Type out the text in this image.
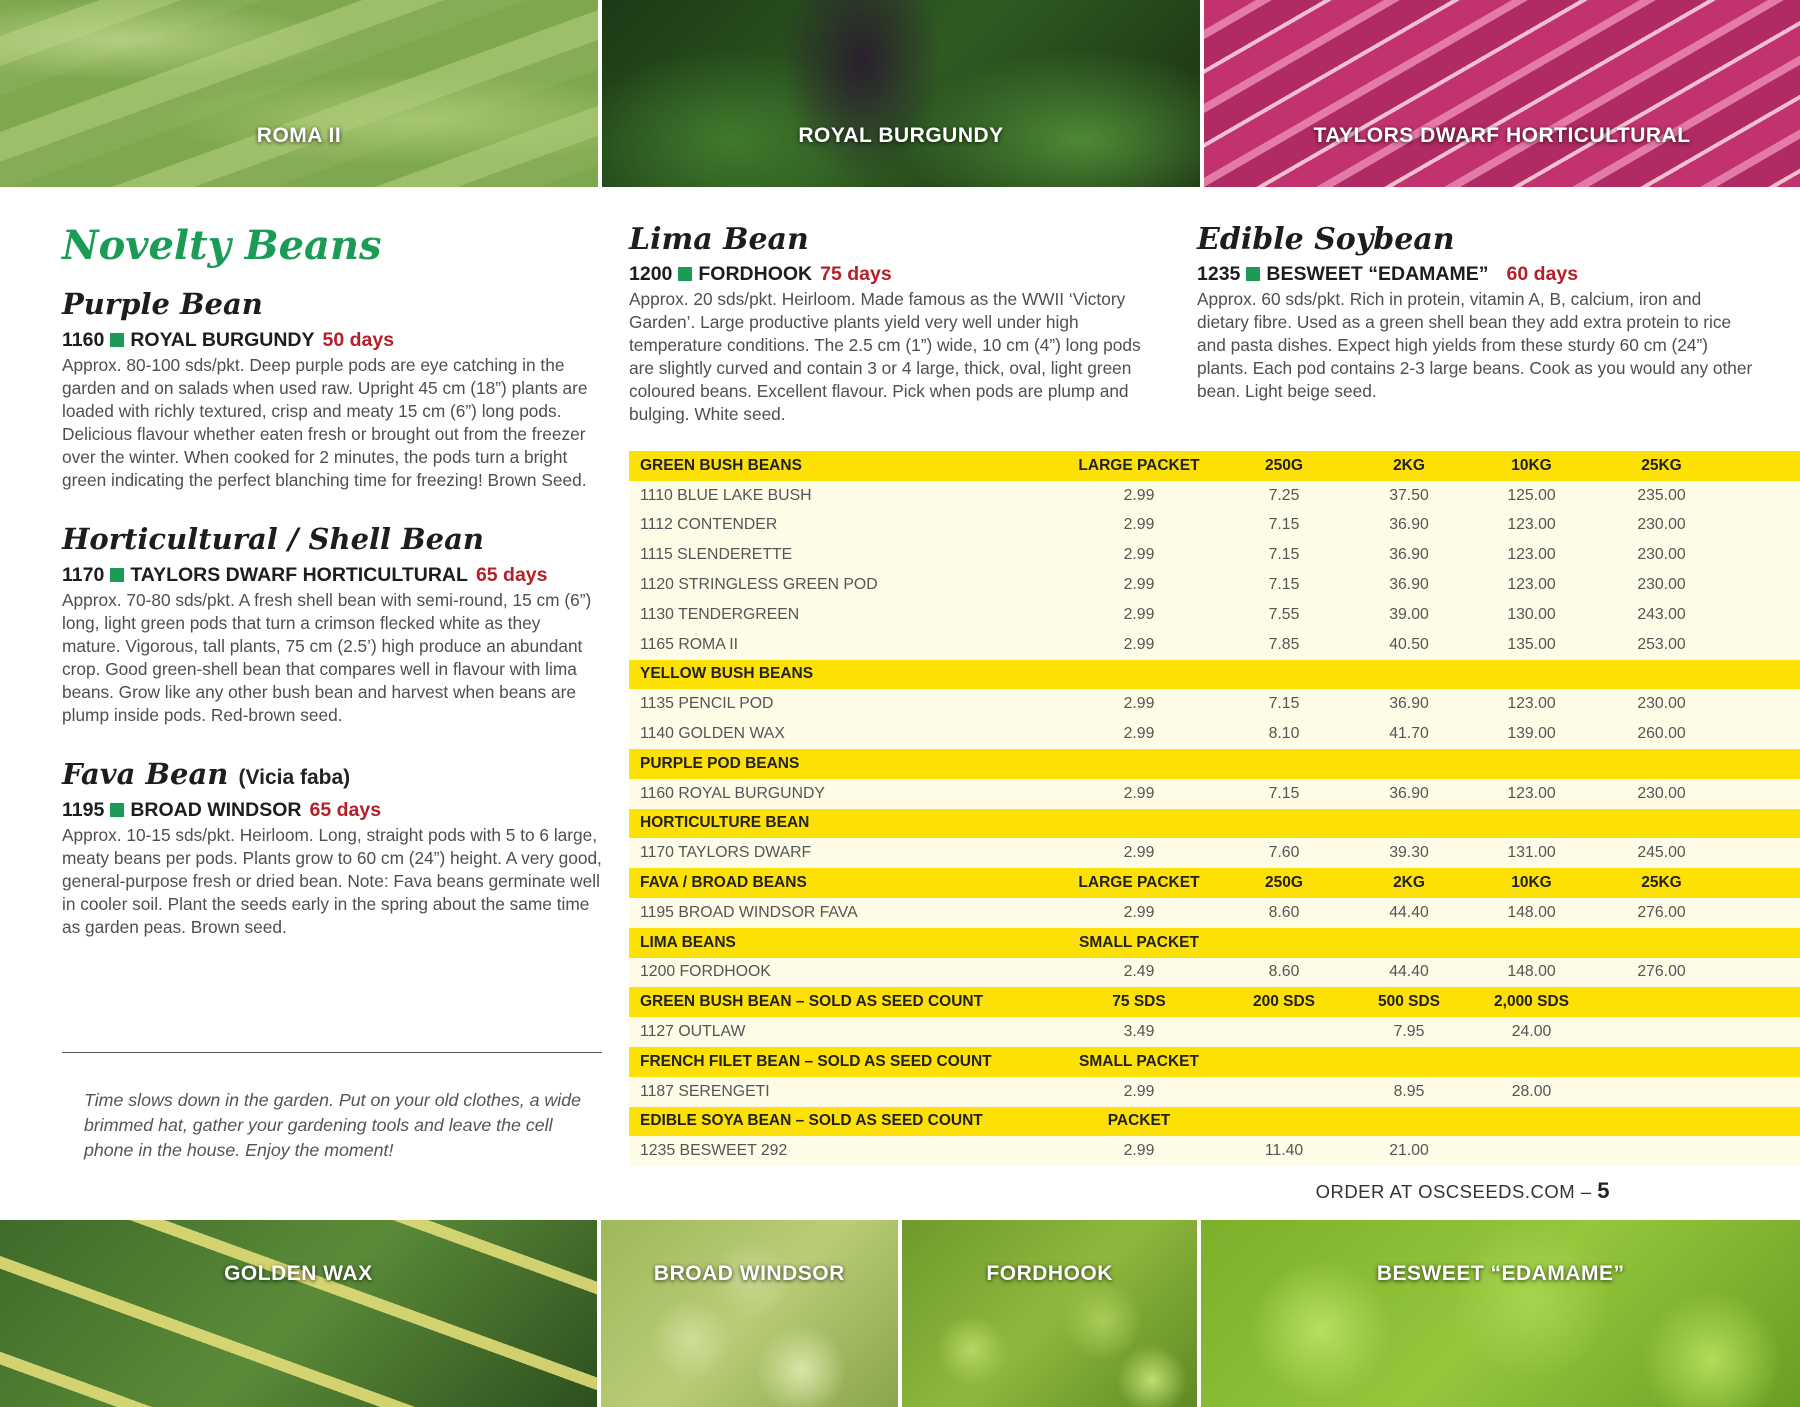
ROMA II	ROYAL BURGUNDY	TAYLORS DWARF HORTICULTURAL
Novelty Beans
Purple Bean
1160 ROYAL BURGUNDY 50 days

Approx. 80-100 sds/pkt. Deep purple pods are eye catching in the garden and on salads when used raw. Upright 45 cm (18”) plants are loaded with richly textured, crisp and meaty 15 cm (6”) long pods. Delicious flavour whether eaten fresh or brought out from the freezer over the winter. When cooked for 2 minutes, the pods turn a bright green indicating the perfect blanching time for freezing! Brown Seed.

Horticultural / Shell Bean
1170 TAYLORS DWARF HORTICULTURAL 65 days

Approx. 70-80 sds/pkt. A fresh shell bean with semi-round, 15 cm (6”) long, light green pods that turn a crimson flecked white as they mature. Vigorous, tall plants, 75 cm (2.5’) high produce an abundant crop. Good green-shell bean that compares well in flavour with lima beans. Grow like any other bush bean and harvest when beans are plump inside pods. Red-brown seed.

Fava Bean (Vicia faba)
1195 BROAD WINDSOR 65 days

Approx. 10-15 sds/pkt. Heirloom. Long, straight pods with 5 to 6 large, meaty beans per pods. Plants grow to 60 cm (24”) height. A very good, general-purpose fresh or dried bean. Note: Fava beans germinate well in cooler soil. Plant the seeds early in the spring about the same time as garden peas. Brown seed.

Time slows down in the garden. Put on your old clothes, a wide brimmed hat, gather your gardening tools and leave the cell phone in the house. Enjoy the moment!
Lima Bean
1200 FORDHOOK 75 days

Approx. 20 sds/pkt. Heirloom. Made famous as the WWII ‘Victory Garden’. Large productive plants yield very well under high temperature conditions. The 2.5 cm (1”) wide, 10 cm (4”) long pods are slightly curved and contain 3 or 4 large, thick, oval, light green coloured beans. Excellent flavour. Pick when pods are plump and bulging. White seed.

Edible Soybean
1235 BESWEET “EDAMAME” 60 days

Approx. 60 sds/pkt. Rich in protein, vitamin A, B, calcium, iron and dietary fibre. Used as a green shell bean they add extra protein to rice and pasta dishes. Expect high yields from these sturdy 60 cm (24”) plants. Each pod contains 2-3 large beans. Cook as you would any other bean. Light beige seed.

GREEN BUSH BEANS	LARGE PACKET	250G	2KG	10KG	25KG	
1110 BLUE LAKE BUSH	2.99	7.25	37.50	125.00	235.00	
1112 CONTENDER	2.99	7.15	36.90	123.00	230.00	
1115 SLENDERETTE	2.99	7.15	36.90	123.00	230.00	
1120 STRINGLESS GREEN POD	2.99	7.15	36.90	123.00	230.00	
1130 TENDERGREEN	2.99	7.55	39.00	130.00	243.00	
1165 ROMA II	2.99	7.85	40.50	135.00	253.00	
YELLOW BUSH BEANS						
1135 PENCIL POD	2.99	7.15	36.90	123.00	230.00	
1140 GOLDEN WAX	2.99	8.10	41.70	139.00	260.00	
PURPLE POD BEANS						
1160 ROYAL BURGUNDY	2.99	7.15	36.90	123.00	230.00	
HORTICULTURE BEAN						
1170 TAYLORS DWARF	2.99	7.60	39.30	131.00	245.00	
FAVA / BROAD BEANS	LARGE PACKET	250G	2KG	10KG	25KG	
1195 BROAD WINDSOR FAVA	2.99	8.60	44.40	148.00	276.00	
LIMA BEANS	SMALL PACKET					
1200 FORDHOOK	2.49	8.60	44.40	148.00	276.00	
GREEN BUSH BEAN – SOLD AS SEED COUNT	75 SDS	200 SDS	500 SDS	2,000 SDS		
1127 OUTLAW	3.49		7.95	24.00		
FRENCH FILET BEAN – SOLD AS SEED COUNT	SMALL PACKET					
1187 SERENGETI	2.99		8.95	28.00		
EDIBLE SOYA BEAN – SOLD AS SEED COUNT	PACKET					
1235 BESWEET 292	2.99	11.40	21.00			
ORDER AT OSCSEEDS.COM – 5
GOLDEN WAX	BROAD WINDSOR	FORDHOOK	BESWEET “EDAMAME”
